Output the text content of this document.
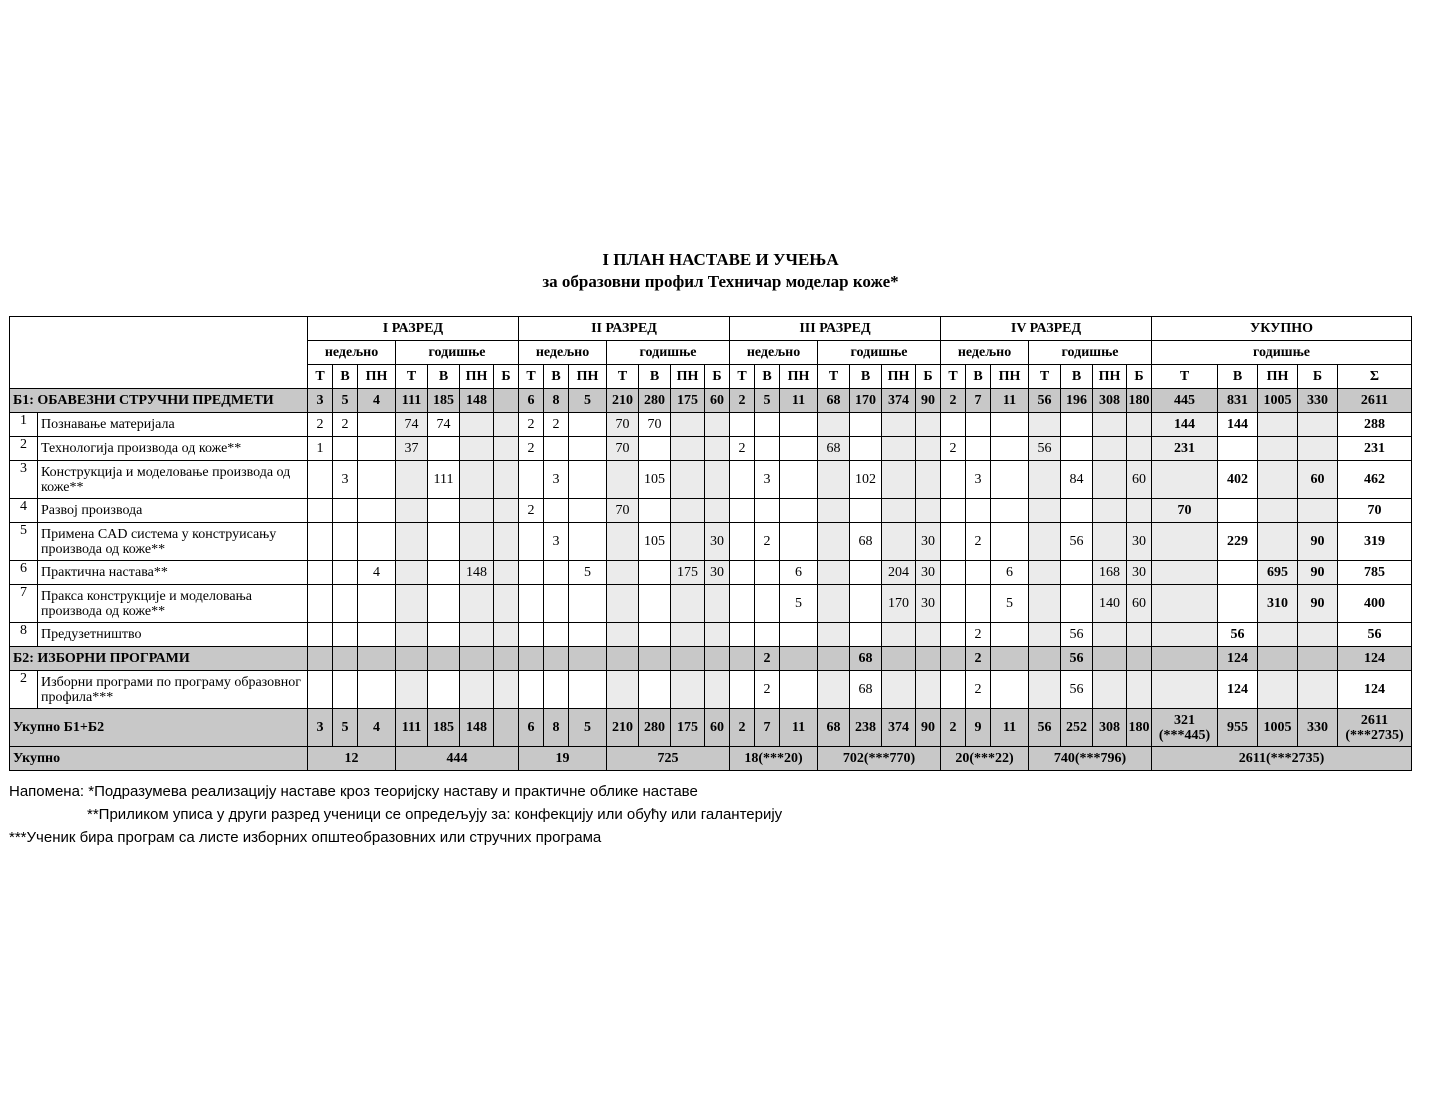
I ПЛАН НАСТАВЕ И УЧЕЊА
за образовни профил Техничар моделар коже*
		I РАЗРЕД							II РАЗРЕД							III РАЗРЕД							IV РАЗРЕД							УКУПНО				
		недељно			годишње				недељно			годишње				недељно			годишње				недељно			годишње				годишње				
		Т	В	ПН	Т	В	ПН	Б	Т	В	ПН	Т	В	ПН	Б	Т	В	ПН	Т	В	ПН	Б	Т	В	ПН	Т	В	ПН	Б	Т	В	ПН	Б	Σ
Б1: ОБАВЕЗНИ СТРУЧНИ ПРЕДМЕТИ		3	5	4	111	185	148		6	8	5	210	280	175	60	2	5	11	68	170	374	90	2	7	11	56	196	308	180	445	831	1005	330	2611
1	Познавање материјала	2	2		74	74			2	2		70	70																	144	144			288
2	Технологија производа од коже**	1			37				2			70				2			68				2			56				231				231
3	Конструкција и моделовање производа од коже**		3			111				3			105				3			102				3			84		60		402		60	462
4	Развој производа								2			70																		70				70
5	Примена CAD система у конструисању производа од коже**									3			105		30		2			68		30		2			56		30		229		90	319
6	Практична настава**			4			148				5			175	30			6			204	30			6			168	30			695	90	785
7	Пракса конструкције и моделовања производа од коже**																	5			170	30			5			140	60			310	90	400
8	Предузетништво																							2			56				56			56
Б2: ИЗБОРНИ ПРОГРАМИ																	2			68				2			56				124			124
2	Изборни програми по програму образовног профила***																2			68				2			56				124			124
Укупно Б1+Б2		3	5	4	111	185	148		6	8	5	210	280	175	60	2	7	11	68	238	374	90	2	9	11	56	252	308	180	321 (***445)	955	1005	330	2611 (***2735)
Укупно		12			444				19			725				18(***20)			702(***770)				20(***22)			740(***796)				2611(***2735)				
Напомена: *Подразумева реализацију наставе кроз теоријску наставу и практичне облике наставе
**Приликом уписа у други разред ученици се опредељују за: конфекцију или обућу или галантерију
***Ученик бира програм са листе изборних општеобразовних или стручних програма
